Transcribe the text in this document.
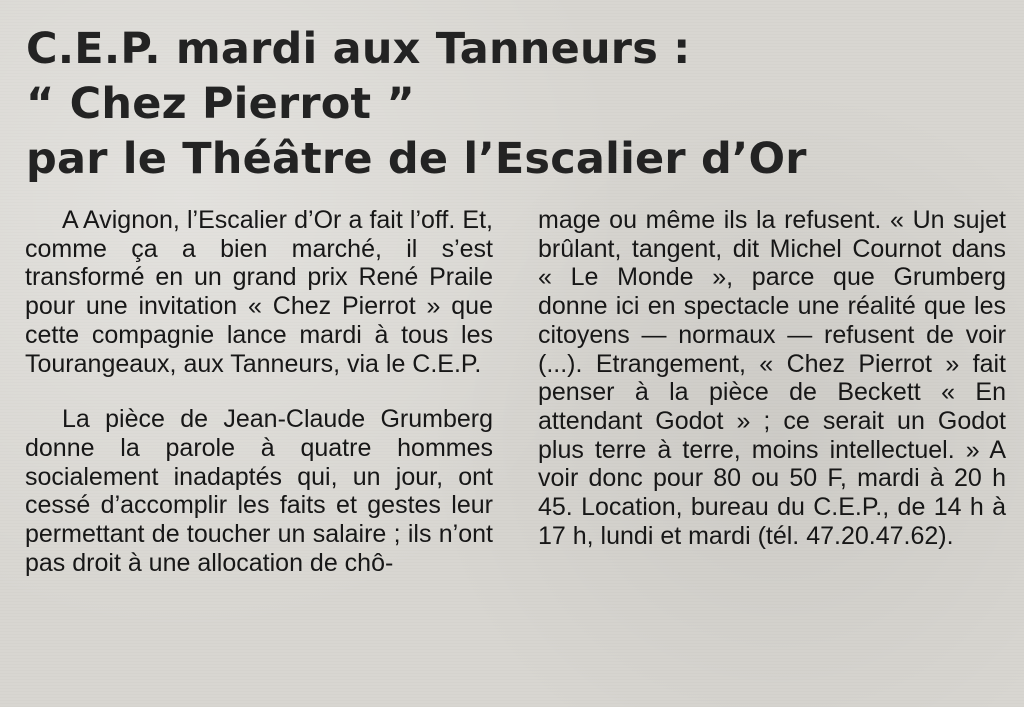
C.E.P. mardi aux Tanneurs :
“ Chez Pierrot ”
par le Théâtre de l’Escalier d’Or

A Avignon, l’Escalier d’Or a fait l’off. Et, comme ça a bien marché, il s’est transformé en un grand prix René Praile pour une invitation « Chez Pierrot » que cette compagnie lance mardi à tous les Tourangeaux, aux Tanneurs, via le C.E.P.

La pièce de Jean-Claude Grumberg donne la parole à quatre hommes socialement inadaptés qui, un jour, ont cessé d’accomplir les faits et gestes leur permettant de toucher un salaire ; ils n’ont pas droit à une allocation de chô-

mage ou même ils la refusent. « Un sujet brûlant, tangent, dit Michel Cournot dans « Le Monde », parce que Grumberg donne ici en spectacle une réalité que les citoyens — normaux — refusent de voir (...). Etrangement, « Chez Pierrot » fait penser à la pièce de Beckett « En attendant Godot » ; ce serait un Godot plus terre à terre, moins intellectuel. » A voir donc pour 80 ou 50 F, mardi à 20 h 45. Location, bureau du C.E.P., de 14 h à 17 h, lundi et mardi (tél. 47.20.47.62).
